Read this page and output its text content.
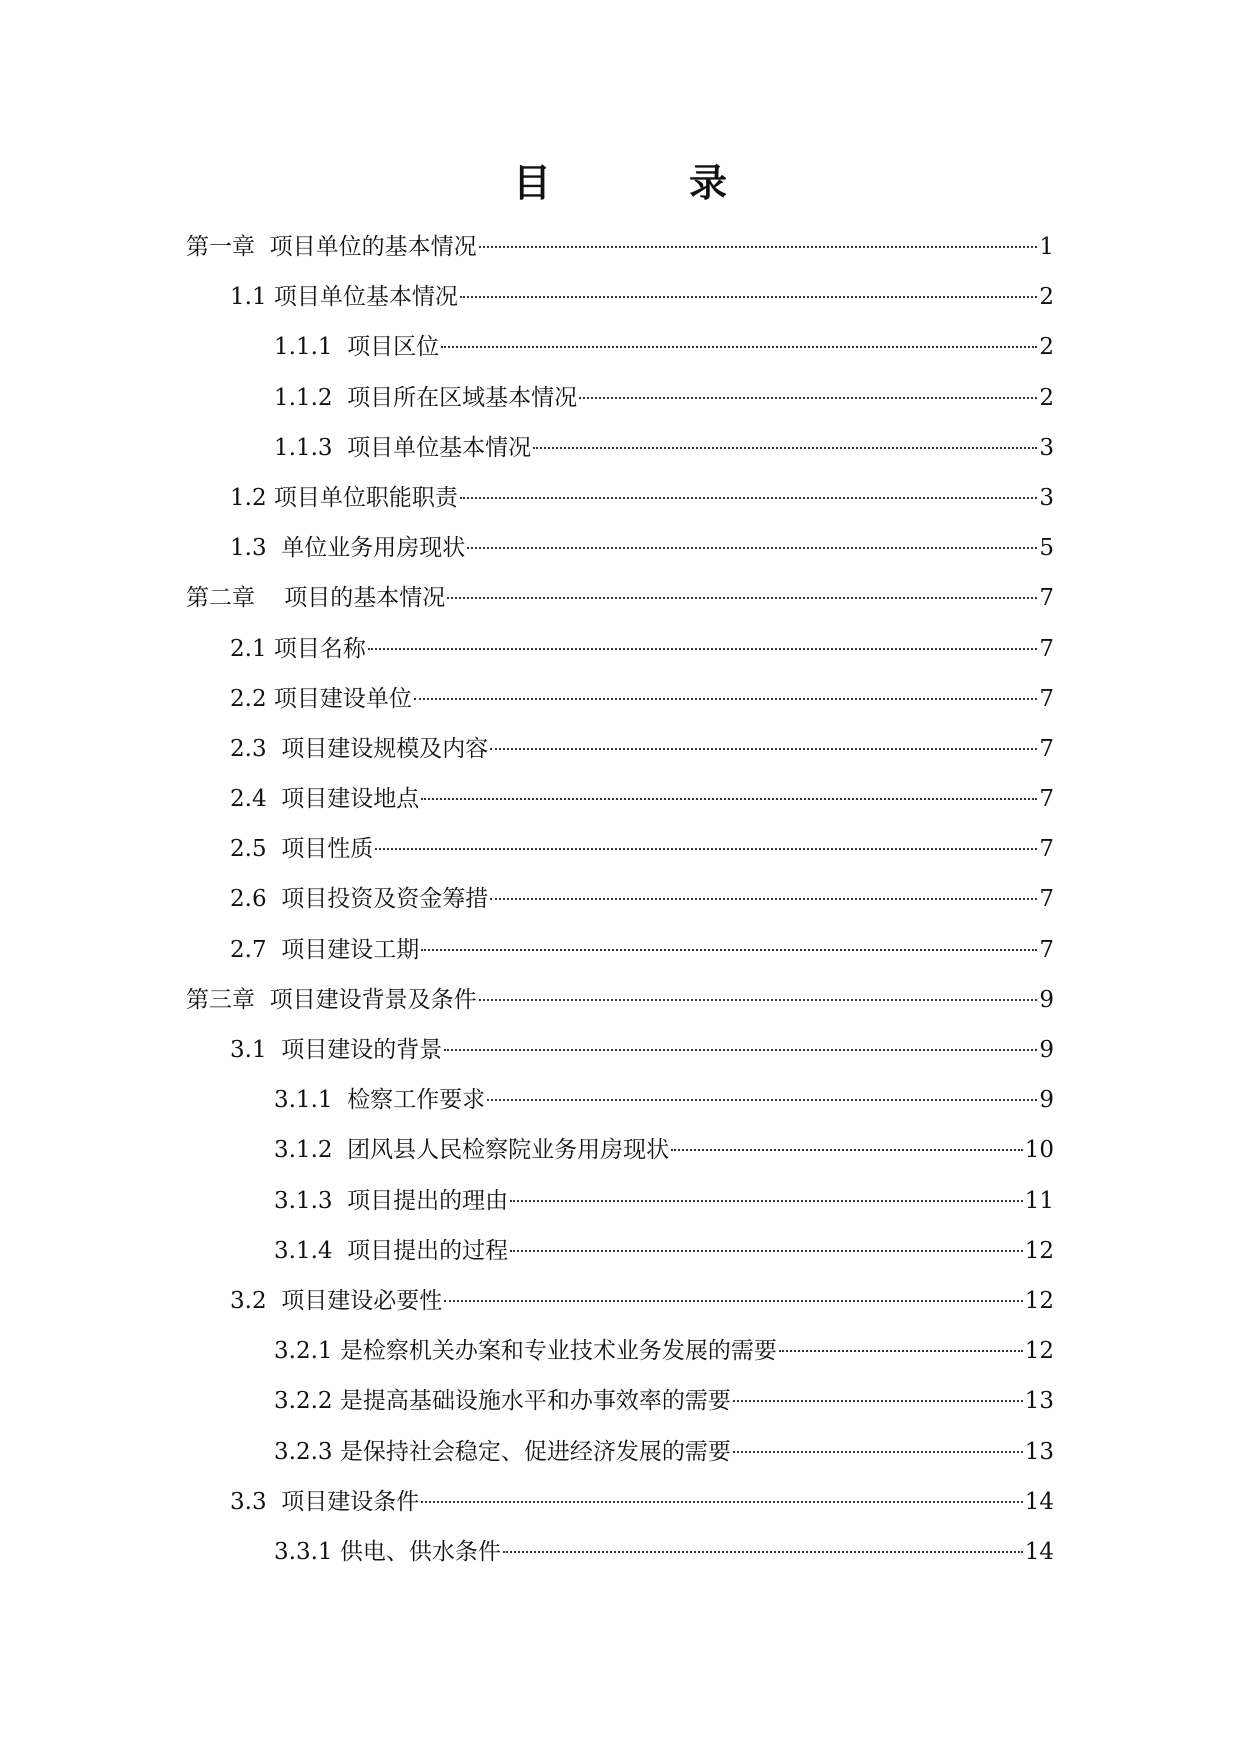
目　录
第一章  项目单位的基本情况	1
1.1 项目单位基本情况	2
1.1.1  项目区位	2
1.1.2  项目所在区域基本情况	2
1.1.3  项目单位基本情况	3
1.2 项目单位职能职责	3
1.3  单位业务用房现状	5
第二章    项目的基本情况	7
2.1 项目名称	7
2.2 项目建设单位	7
2.3  项目建设规模及内容	7
2.4  项目建设地点	7
2.5  项目性质	7
2.6  项目投资及资金筹措	7
2.7  项目建设工期	7
第三章  项目建设背景及条件	9
3.1  项目建设的背景	9
3.1.1  检察工作要求	9
3.1.2  团风县人民检察院业务用房现状	10
3.1.3  项目提出的理由	11
3.1.4  项目提出的过程	12
3.2  项目建设必要性	12
3.2.1 是检察机关办案和专业技术业务发展的需要	12
3.2.2 是提高基础设施水平和办事效率的需要	13
3.2.3 是保持社会稳定、促进经济发展的需要	13
3.3  项目建设条件	14
3.3.1 供电、供水条件	14
